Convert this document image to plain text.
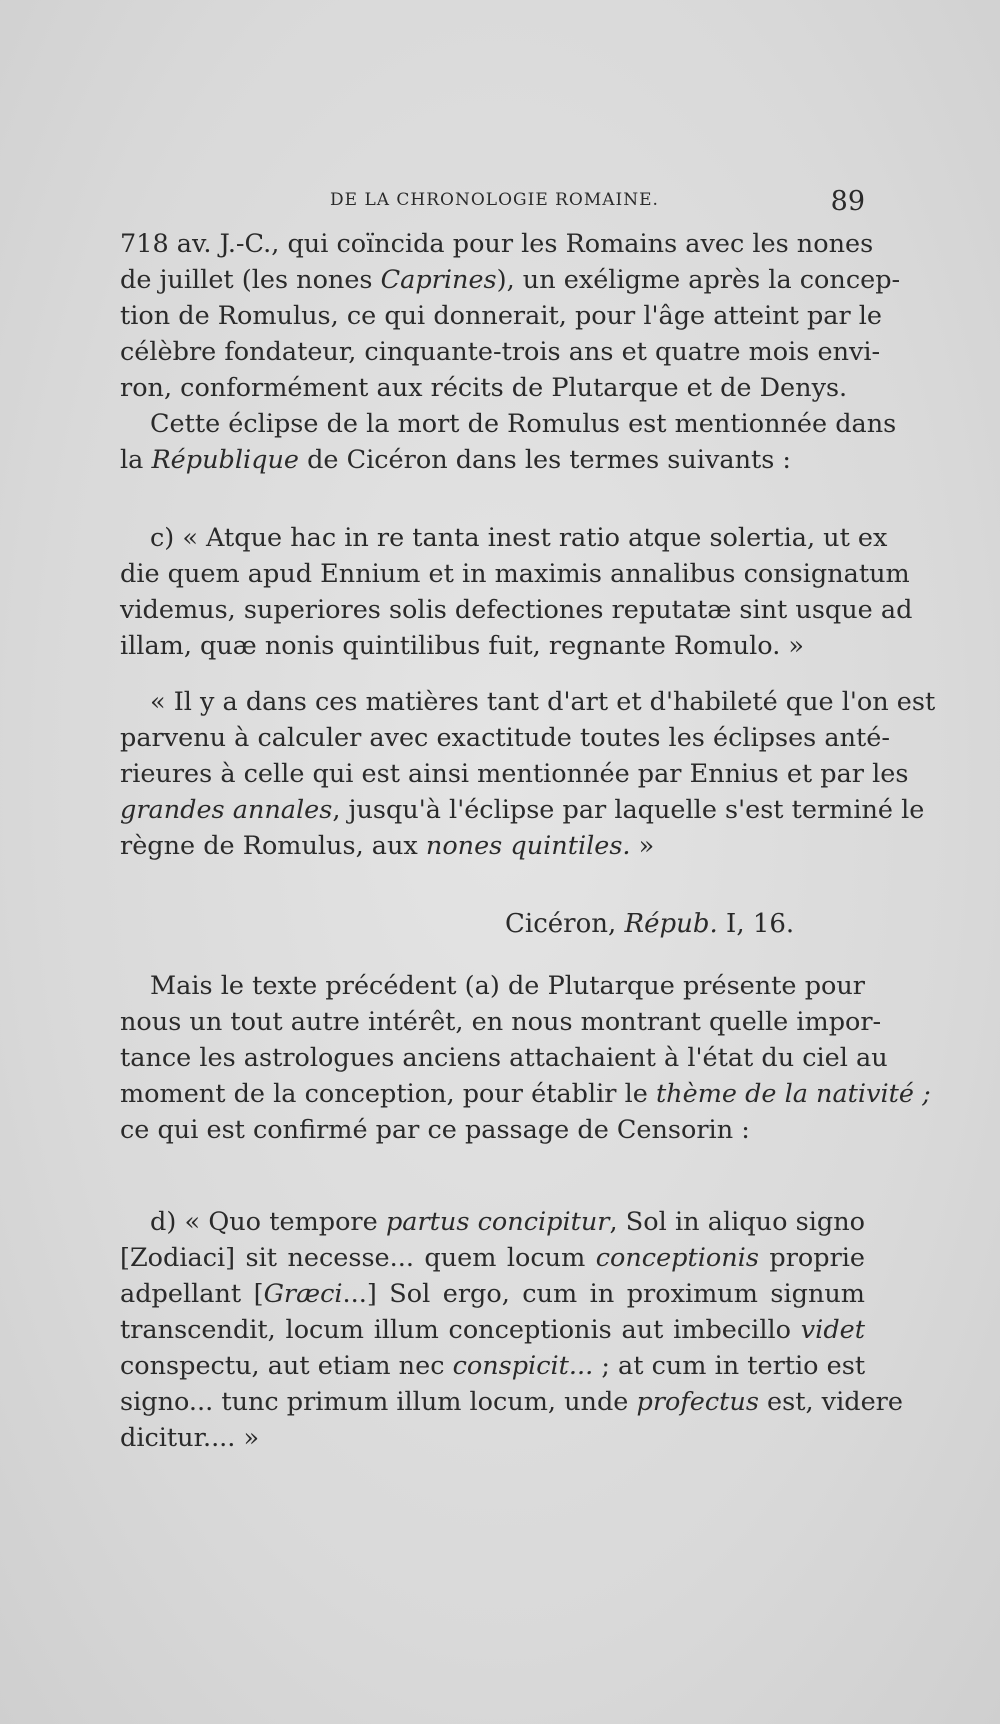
DE LA CHRONOLOGIE ROMAINE.	89
718 av. J.-C., qui coïncida pour les Romains avec les nones
de juillet (les nones Caprines), un exéligme après la concep-
tion de Romulus, ce qui donnerait, pour l'âge atteint par le
célèbre fondateur, cinquante-trois ans et quatre mois envi-
ron, conformément aux récits de Plutarque et de Denys.
Cette éclipse de la mort de Romulus est mentionnée dans
la République de Cicéron dans les termes suivants :
c) « Atque hac in re tanta inest ratio atque solertia, ut ex
die quem apud Ennium et in maximis annalibus consignatum
videmus, superiores solis defectiones reputatæ sint usque ad
illam, quæ nonis quintilibus fuit, regnante Romulo. »
« Il y a dans ces matières tant d'art et d'habileté que l'on est
parvenu à calculer avec exactitude toutes les éclipses anté-
rieures à celle qui est ainsi mentionnée par Ennius et par les
grandes annales, jusqu'à l'éclipse par laquelle s'est terminé le
règne de Romulus, aux nones quintiles. »
Cicéron, Répub. I, 16.
Mais le texte précédent (a) de Plutarque présente pour
nous un tout autre intérêt, en nous montrant quelle impor-
tance les astrologues anciens attachaient à l'état du ciel au
moment de la conception, pour établir le thème de la nativité ;
ce qui est confirmé par ce passage de Censorin :
d) « Quo tempore partus concipitur, Sol in aliquo signo
[Zodiaci] sit necesse... quem locum conceptionis proprie
adpellant [Græci...] Sol ergo, cum in proximum signum
transcendit, locum illum conceptionis aut imbecillo videt
conspectu, aut etiam nec conspicit... ; at cum in tertio est
signo... tunc primum illum locum, unde profectus est, videre
dicitur.... »
